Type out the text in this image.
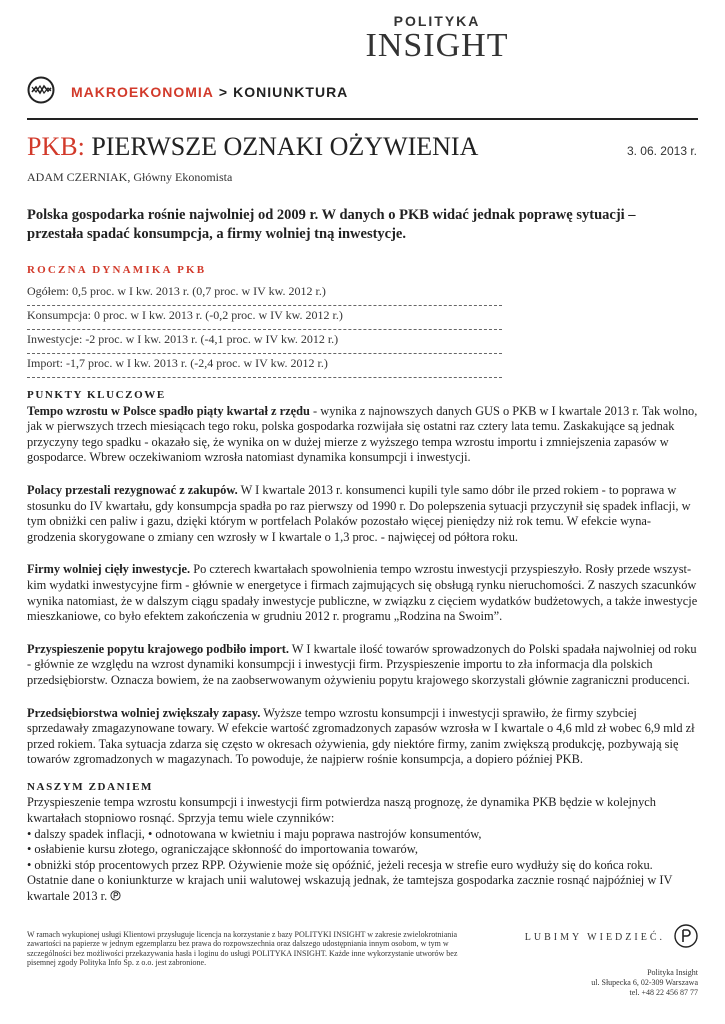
POLITYKA
INSIGHT
MAKROEKONOMIA > KONIUNKTURA
PKB: PIERWSZE OZNAKI OŻYWIENIA	3. 06. 2013 r.
ADAM CZERNIAK, Główny Ekonomista
Polska gospodarka rośnie najwolniej od 2009 r. W danych o PKB widać jednak poprawę sytuacji – przestała spadać konsumpcja, a firmy wolniej tną inwestycje.
ROCZNA DYNAMIKA PKB
Ogółem: 0,5 proc. w I kw. 2013 r. (0,7 proc. w IV kw. 2012 r.)
Konsumpcja: 0 proc. w I kw. 2013 r. (-0,2 proc. w IV kw. 2012 r.)
Inwestycje: -2 proc. w I kw. 2013 r. (-4,1 proc. w IV kw. 2012 r.)
Import: -1,7 proc. w I kw. 2013 r. (-2,4 proc. w IV kw. 2012 r.)
PUNKTY KLUCZOWE

Tempo wzrostu w Polsce spadło piąty kwartał z rzędu - wynika z najnowszych danych GUS o PKB w I kwartale 2013 r. Tak wolno, jak w pierwszych trzech miesiącach tego roku, polska gospodarka rozwijała się ostatni raz cztery lata temu. Zaskakujące są jednak przyczyny tego spadku - okazało się, że wynika on w dużej mierze z wyższego tempa wzrostu importu i zmniejszenia zapasów w gospodarce. Wbrew oczekiwaniom wzrosła natomiast dynamika konsumpcji i inwestycji.

Polacy przestali rezygnować z zakupów. W I kwartale 2013 r. konsumenci kupili tyle samo dóbr ile przed rokiem - to poprawa w stosunku do IV kwartału, gdy konsumpcja spadła po raz pierwszy od 1990 r. Do polepszenia sytuacji przyczynił się spadek inflacji, w tym obniżki cen paliw i gazu, dzięki którym w portfelach Polaków pozostało więcej pieniędzy niż rok temu. W efekcie wyna-grodzenia skorygowane o zmiany cen wzrosły w I kwartale o 1,3 proc. - najwięcej od półtora roku.

Firmy wolniej cięły inwestycje. Po czterech kwartałach spowolnienia tempo wzrostu inwestycji przyspieszyło. Rosły przede wszyst-kim wydatki inwestycyjne firm - głównie w energetyce i firmach zajmujących się obsługą rynku nieruchomości. Z naszych szacunków wynika natomiast, że w dalszym ciągu spadały inwestycje publiczne, w związku z cięciem wydatków budżetowych, a także inwestycje mieszkaniowe, co było efektem zakończenia w grudniu 2012 r. programu „Rodzina na Swoim”.

Przyspieszenie popytu krajowego podbiło import. W I kwartale ilość towarów sprowadzonych do Polski spadała najwolniej od roku - głównie ze względu na wzrost dynamiki konsumpcji i inwestycji firm. Przyspieszenie importu to zła informacja dla polskich przedsiębiorstw. Oznacza bowiem, że na zaobserwowanym ożywieniu popytu krajowego skorzystali głównie zagraniczni producenci.

Przedsiębiorstwa wolniej zwiększały zapasy. Wyższe tempo wzrostu konsumpcji i inwestycji sprawiło, że firmy szybciej sprzedawały zmagazynowane towary. W efekcie wartość zgromadzonych zapasów wzrosła w I kwartale o 4,6 mld zł wobec 6,9 mld zł przed rokiem. Taka sytuacja zdarza się często w okresach ożywienia, gdy niektóre firmy, zanim zwiększą produkcję, pozbywają się towarów zgromadzonych w magazynach. To powoduje, że najpierw rośnie konsumpcja, a dopiero później PKB.

NASZYM ZDANIEM

Przyspieszenie tempa wzrostu konsumpcji i inwestycji firm potwierdza naszą prognozę, że dynamika PKB będzie w kolejnych kwartałach stopniowo rosnąć. Sprzyja temu wiele czynników:

• dalszy spadek inflacji, • odnotowana w kwietniu i maju poprawa nastrojów konsumentów,

• osłabienie kursu złotego, ograniczające skłonność do importowania towarów,

• obniżki stóp procentowych przez RPP. Ożywienie może się opóźnić, jeżeli recesja w strefie euro wydłuży się do końca roku.

Ostatnie dane o koniunkturze w krajach unii walutowej wskazują jednak, że tamtejsza gospodarka zacznie rosnąć najpóźniej w IV kwartale 2013 r.

W ramach wykupionej usługi Klientowi przysługuje licencja na korzystanie z bazy POLITYKI INSIGHT w zakresie zwielokrotniania zawartości na papierze w jednym egzemplarzu bez prawa do rozpowszechnia oraz dalszego udostępniania innym osobom, w tym w szczególności bez możliwości przekazywania hasła i loginu do usługi POLITYKA INSIGHT. Każde inne wykorzystanie utworów bez pisemnej zgody Polityka Info Sp. z o.o. jest zabronione.
LUBIMY WIEDZIEĆ.
Polityka Insight
ul. Słupecka 6, 02-309 Warszawa
tel. +48 22 456 87 77
